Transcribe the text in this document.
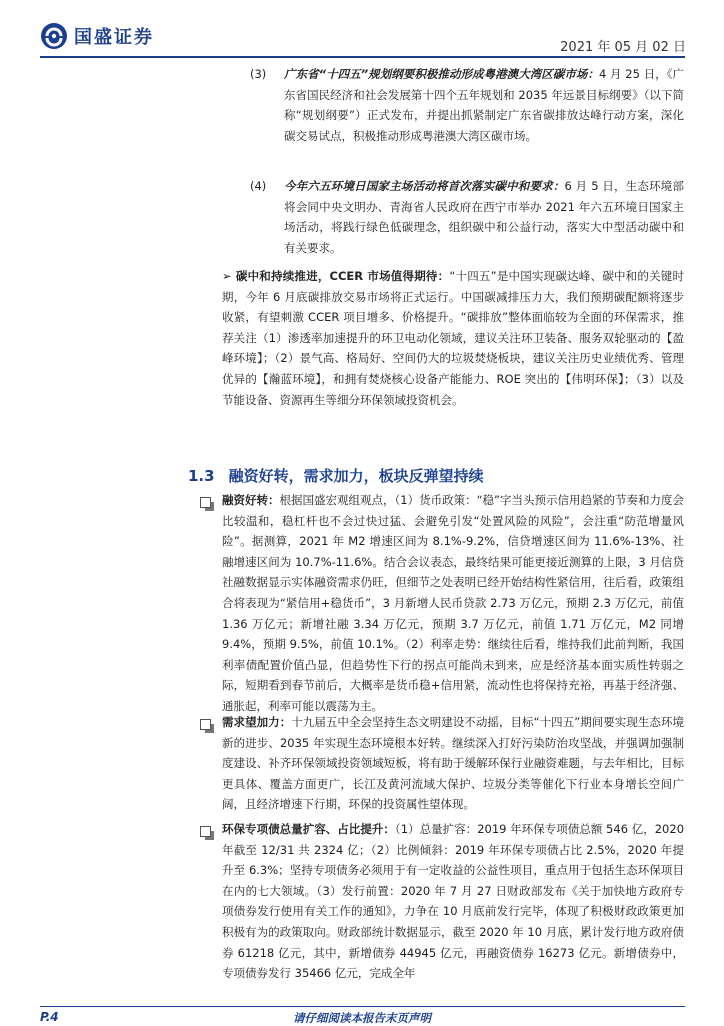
国盛证券	2021 年 05 月 02 日
(3) 广东省“十四五”规划纲要积极推动形成粤港澳大湾区碳市场：4 月 25 日，《广东省国民经济和社会发展第十四个五年规划和 2035 年远景目标纲要》（以下简称“规划纲要”）正式发布，并提出抓紧制定广东省碳排放达峰行动方案，深化碳交易试点，积极推动形成粤港澳大湾区碳市场。
(4) 今年六五环境日国家主场活动将首次落实碳中和要求：6 月 5 日，生态环境部将会同中央文明办、青海省人民政府在西宁市举办 2021 年六五环境日国家主场活动，将践行绿色低碳理念，组织碳中和公益行动，落实大中型活动碳中和有关要求。
➢ 碳中和持续推进，CCER 市场值得期待：“十四五”是中国实现碳达峰、碳中和的关键时期，今年 6 月底碳排放交易市场将正式运行。中国碳减排压力大，我们预期碳配额将逐步收紧，有望刺激 CCER 项目增多、价格提升。“碳排放”整体面临较为全面的环保需求，推荐关注（1）渗透率加速提升的环卫电动化领域，建议关注环卫装备、服务双轮驱动的【盈峰环境】；（2）景气高、格局好、空间仍大的垃圾焚烧板块，建议关注历史业绩优秀、管理优异的【瀚蓝环境】，和拥有焚烧核心设备产能能力、ROE 突出的【伟明环保】；（3）以及节能设备、资源再生等细分环保领域投资机会。
1.3 融资好转，需求加力，板块反弹望持续
融资好转：根据国盛宏观组观点，（1）货币政策：“稳”字当头预示信用趋紧的节奏和力度会比较温和，稳杠杆也不会过快过猛、会避免引发“处置风险的风险”，会注重“防范增量风险”。据测算，2021 年 M2 增速区间为 8.1%-9.2%，信贷增速区间为 11.6%-13%、社融增速区间为 10.7%-11.6%。结合会议表态，最终结果可能更接近测算的上限，3 月信贷社融数据显示实体融资需求仍旺，但细节之处表明已经开始结构性紧信用，往后看，政策组合将表现为“紧信用+稳货币”，3 月新增人民币贷款 2.73 万亿元，预期 2.3 万亿元，前值 1.36 万亿元；新增社融 3.34 万亿元，预期 3.7 万亿元，前值 1.71 万亿元，M2 同增 9.4%，预期 9.5%，前值 10.1%。（2）利率走势：继续往后看，维持我们此前判断，我国利率债配置价值凸显，但趋势性下行的拐点可能尚未到来，应是经济基本面实质性转弱之际，短期看到春节前后，大概率是货币稳+信用紧，流动性也将保持充裕，再基于经济强、通胀起，利率可能以震荡为主。
需求望加力：十九届五中全会坚持生态文明建设不动摇，目标“十四五”期间要实现生态环境新的进步、2035 年实现生态环境根本好转。继续深入打好污染防治攻坚战，并强调加强制度建设、补齐环保领域投资领域短板，将有助于缓解环保行业融资难题，与去年相比，目标更具体、覆盖方面更广，长江及黄河流域大保护、垃圾分类等催化下行业本身增长空间广阔，且经济增速下行期，环保的投资属性望体现。
环保专项债总量扩容、占比提升：（1）总量扩容：2019 年环保专项债总额 546 亿，2020 年截至 12/31 共 2324 亿；（2）比例倾斜：2019 年环保专项债占比 2.5%，2020 年提升至 6.3%；坚持专项债务必须用于有一定收益的公益性项目，重点用于包括生态环保项目在内的七大领域。（3）发行前置：2020 年 7 月 27 日财政部发布《关于加快地方政府专项债券发行使用有关工作的通知》，力争在 10 月底前发行完毕，体现了积极财政政策更加积极有为的政策取向。财政部统计数据显示，截至 2020 年 10 月底，累计发行地方政府债券 61218 亿元，其中，新增债券 44945 亿元，再融资债券 16273 亿元。新增债券中，专项债券发行 35466 亿元，完成全年
P.4	请仔细阅读本报告末页声明
